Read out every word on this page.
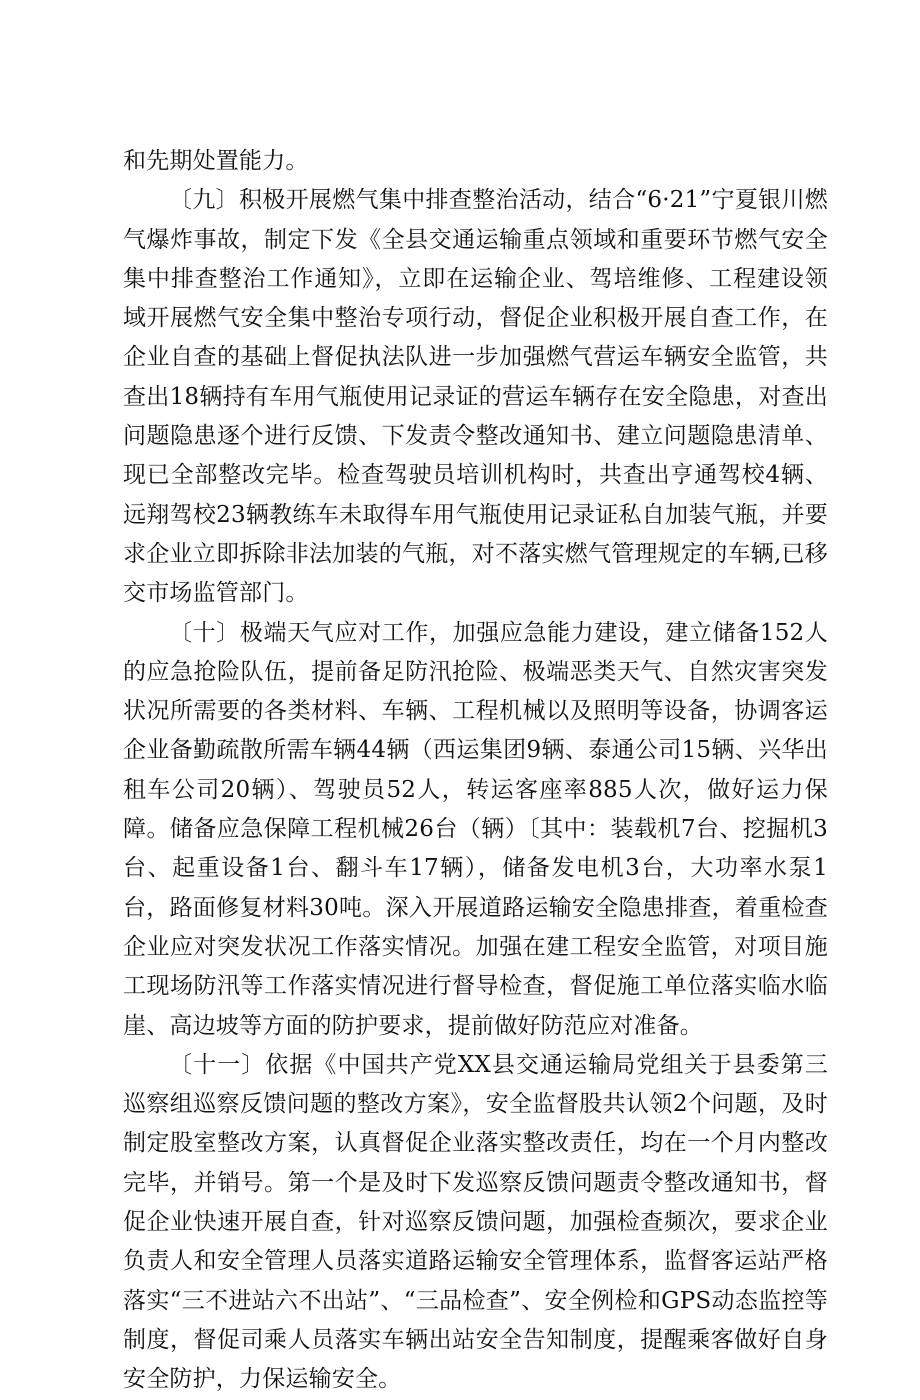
和先期处置能力。

〔九〕积极开展燃气集中排查整治活动，结合“6·21”宁夏银川燃气爆炸事故，制定下发《全县交通运输重点领域和重要环节燃气安全集中排查整治工作通知》，立即在运输企业、驾培维修、工程建设领域开展燃气安全集中整治专项行动，督促企业积极开展自查工作，在企业自查的基础上督促执法队进一步加强燃气营运车辆安全监管，共查出18辆持有车用气瓶使用记录证的营运车辆存在安全隐患，对查出问题隐患逐个进行反馈、下发责令整改通知书、建立问题隐患清单、现已全部整改完毕。检查驾驶员培训机构时，共查出亨通驾校4辆、远翔驾校23辆教练车未取得车用气瓶使用记录证私自加装气瓶，并要求企业立即拆除非法加装的气瓶，对不落实燃气管理规定的车辆,已移交市场监管部门。

〔十〕极端天气应对工作，加强应急能力建设，建立储备152人的应急抢险队伍，提前备足防汛抢险、极端恶类天气、自然灾害突发状况所需要的各类材料、车辆、工程机械以及照明等设备，协调客运企业备勤疏散所需车辆44辆（西运集团9辆、泰通公司15辆、兴华出租车公司20辆）、驾驶员52人，转运客座率885人次，做好运力保障。储备应急保障工程机械26台（辆）〔其中：装载机7台、挖掘机3台、起重设备1台、翻斗车17辆），储备发电机3台，大功率水泵1台，路面修复材料30吨。深入开展道路运输安全隐患排查，着重检查企业应对突发状况工作落实情况。加强在建工程安全监管，对项目施工现场防汛等工作落实情况进行督导检查，督促施工单位落实临水临崖、高边坡等方面的防护要求，提前做好防范应对准备。

〔十一〕依据《中国共产党XX县交通运输局党组关于县委第三巡察组巡察反馈问题的整改方案》，安全监督股共认领2个问题，及时制定股室整改方案，认真督促企业落实整改责任，均在一个月内整改完毕，并销号。第一个是及时下发巡察反馈问题责令整改通知书，督促企业快速开展自查，针对巡察反馈问题，加强检查频次，要求企业负责人和安全管理人员落实道路运输安全管理体系，监督客运站严格落实“三不进站六不出站”、“三品检查”、安全例检和GPS动态监控等制度，督促司乘人员落实车辆出站安全告知制度，提醒乘客做好自身安全防护，力保运输安全。
